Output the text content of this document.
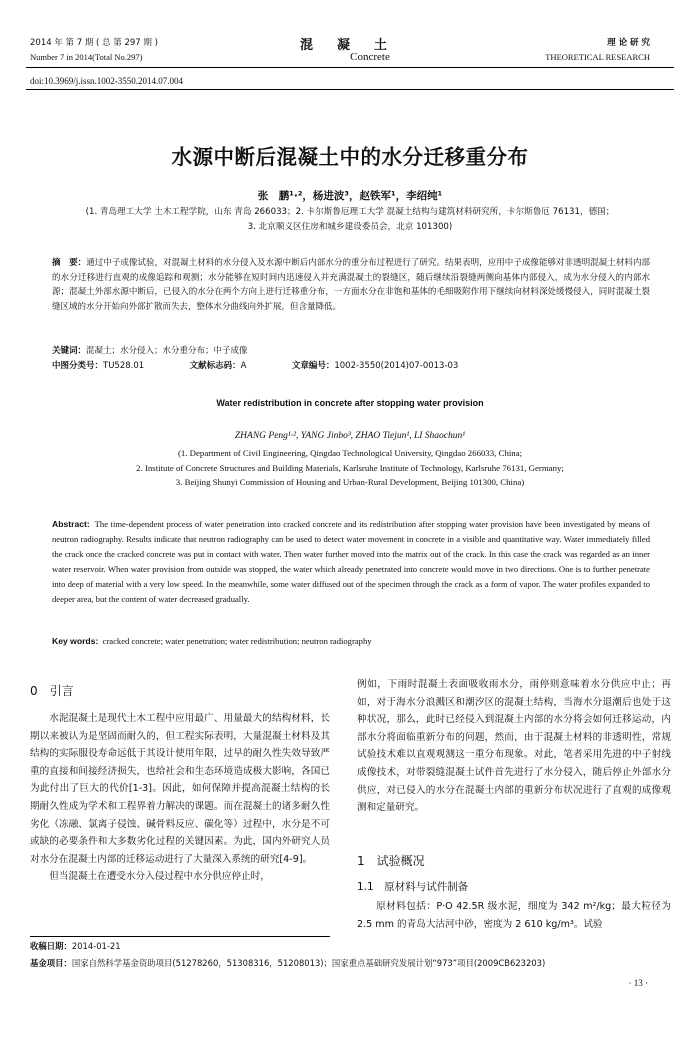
2014 年 第 7 期 ( 总 第 297 期 )
Number 7 in 2014(Total No.297)
混凝土
Concrete
理 论 研 究
THEORETICAL RESEARCH
doi:10.3969/j.issn.1002-3550.2014.07.004
水源中断后混凝土中的水分迁移重分布
张　鹏¹·²，杨进波³，赵铁军¹，李绍纯¹
(1. 青岛理工大学 土木工程学院，山东 青岛 266033；2. 卡尔斯鲁厄理工大学 混凝土结构与建筑材料研究所，卡尔斯鲁厄 76131，德国；
3. 北京顺义区住房和城乡建设委员会，北京 101300)
摘　要：通过中子成像试验，对混凝土材料的水分侵入及水源中断后内部水分的重分布过程进行了研究。结果表明，应用中子成像能够对非透明混凝土材料内部的水分迁移进行直观的成像追踪和观测；水分能够在短时间内迅速侵入并充满混凝土的裂缝区，随后继续沿裂缝两侧向基体内部侵入，成为水分侵入的内部水源；混凝土外部水源中断后，已侵入的水分在两个方向上进行迁移重分布，一方面水分在非饱和基体的毛细吸附作用下继续向材料深处缓慢侵入，同时混凝土裂缝区域的水分开始向外部扩散而失去，整体水分曲线向外扩展，但含量降低。
关键词：混凝土；水分侵入；水分重分布；中子成像
中图分类号：TU528.01	文献标志码：A	文章编号：1002-3550(2014)07-0013-03
Water redistribution in concrete after stopping water provision
ZHANG Peng¹·², YANG Jinbo³, ZHAO Tiejun¹, LI Shaochun¹
(1. Department of Civil Engineering, Qingdao Technological University, Qingdao 266033, China;
2. Institute of Concrete Structures and Building Materials, Karlsruhe Institute of Technology, Karlsruhe 76131, Germany;
3. Beijing Shunyi Commission of Housing and Urban-Rural Development, Beijing 101300, China)
Abstract: The time-dependent process of water penetration into cracked concrete and its redistribution after stopping water provision have been investigated by means of neutron radiography. Results indicate that neutron radiography can be used to detect water movement in concrete in a visible and quantitative way. Water immediately filled the crack once the cracked concrete was put in contact with water. Then water further moved into the matrix out of the crack. In this case the crack was regarded as an inner water reservoir. When water provision from outside was stopped, the water which already penetrated into concrete would move in two directions. One is to further penetrate into deep of material with a very low speed. In the meanwhile, some water diffused out of the specimen through the crack as a form of vapor. The water profiles expanded to deeper area, but the content of water decreased gradually.
Key words: cracked concrete; water penetration; water redistribution; neutron radiography
0　引言

水泥混凝土是现代土木工程中应用最广、用量最大的结构材料，长期以来被认为是坚固而耐久的，但工程实际表明，大量混凝土材料及其结构的实际服役寿命远低于其设计使用年限，过早的耐久性失效导致严重的直接和间接经济损失，也给社会和生态环境造成极大影响，各国已为此付出了巨大的代价[1-3]。因此，如何保障并提高混凝土结构的长期耐久性成为学术和工程界着力解决的课题。而在混凝土的诸多耐久性劣化（冻融、氯离子侵蚀、碱骨料反应、碳化等）过程中，水分是不可或缺的必要条件和大多数劣化过程的关键因素。为此，国内外研究人员对水分在混凝土内部的迁移运动进行了大量深入系统的研究[4-9]。

但当混凝土在遭受水分入侵过程中水分供应停止时，

例如，下雨时混凝土表面吸收雨水分，雨停则意味着水分供应中止；再如，对于海水分浪溅区和潮汐区的混凝土结构，当海水分退潮后也处于这种状况，那么，此时已经侵入到混凝土内部的水分将会如何迁移运动，内部水分将面临重新分布的问题，然而，由于混凝土材料的非透明性，常规试验技术难以直观观测这一重分布现象。对此，笔者采用先进的中子射线成像技术，对带裂缝混凝土试件首先进行了水分侵入，随后停止外部水分供应，对已侵入的水分在混凝土内部的重新分布状况进行了直观的成像观测和定量研究。

1　试验概况
1.1　原材料与试件制备

原材料包括：P·O 42.5R 级水泥，细度为 342 m²/kg；最大粒径为 2.5 mm 的青岛大沽河中砂，密度为 2 610 kg/m³。试验

收稿日期：2014-01-21
基金项目：国家自然科学基金资助项目(51278260，51308316，51208013)；国家重点基础研究发展计划“973”项目(2009CB623203)
· 13 ·
